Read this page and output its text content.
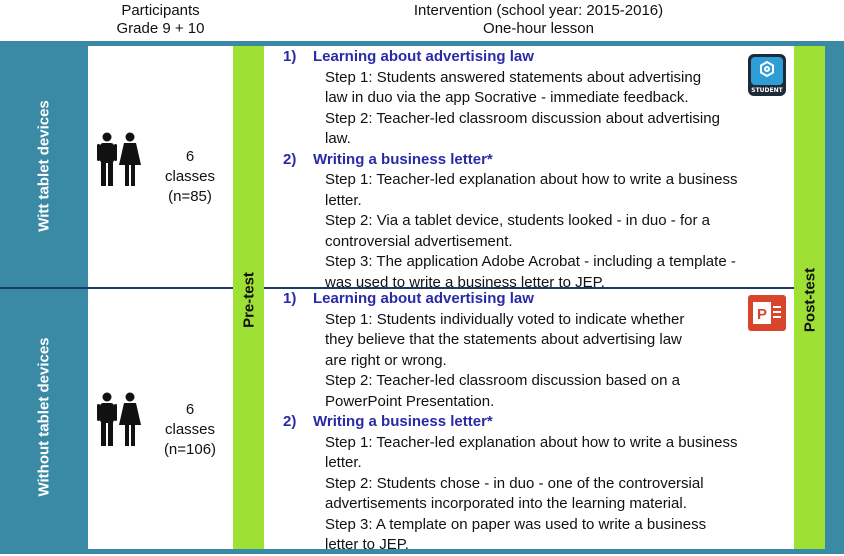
Participants
Grade 9 + 10
Intervention (school year: 2015-2016)
One-hour lesson
Witt tablet devices
Without tablet devices
Pre-test	Post-test
6
classes
(n=85)
6
classes
(n=106)
STUDENT
P
1) Learning about advertising law
Step 1: Students answered statements about advertising
law in duo via the app Socrative - immediate feedback.
Step 2: Teacher-led classroom discussion about advertising
law.
2) Writing a business letter*
Step 1: Teacher-led explanation about how to write a business
letter.
Step 2: Via a tablet device, students looked - in duo - for a
controversial advertisement.
Step 3: The application Adobe Acrobat - including a template -
was used to write a business letter to JEP.
1) Learning about advertising law
Step 1: Students individually voted to indicate whether
they believe that the statements about advertising law
are right or wrong.
Step 2: Teacher-led classroom discussion based on a
PowerPoint Presentation.
2) Writing a business letter*
Step 1: Teacher-led explanation about how to write a business
letter.
Step 2: Students chose - in duo - one of the controversial
advertisements incorporated into the learning material.
Step 3: A template on paper was used to write a business
letter to JEP.
